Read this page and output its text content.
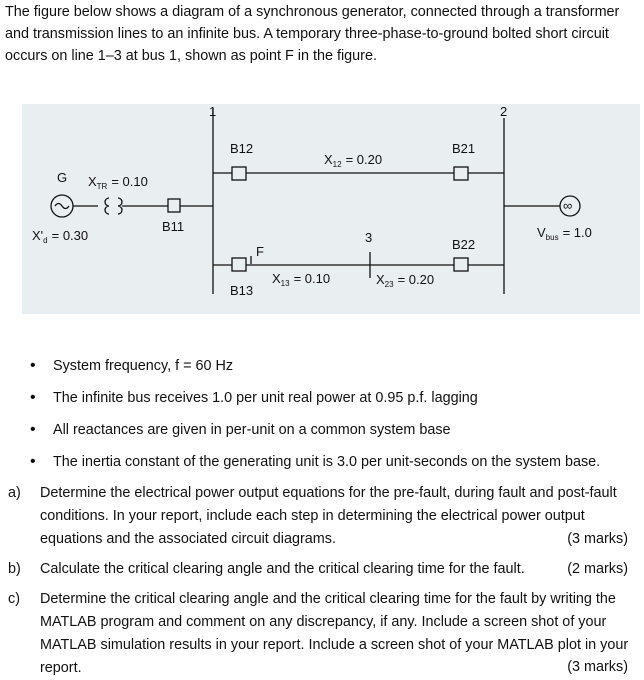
The figure below shows a diagram of a synchronous generator, connected through a transformer and transmission lines to an infinite bus. A temporary three-phase-to-ground bolted short circuit occurs on line 1–3 at bus 1, shown as point F in the figure.

1	2
G $X_{TR} = 0.10$
$X'_d = 0.30$
B11
B12	B21
$X_{12} = 0.20$
3	B22
F
B13
$X_{13} = 0.10$	$X_{23} = 0.20$
∞
$V_{bus} = 1.0$
• System frequency, f = 60 Hz
• The infinite bus receives 1.0 per unit real power at 0.95 p.f. lagging
• All reactances are given in per-unit on a common system base
• The inertia constant of the generating unit is 3.0 per unit-seconds on the system base.
a)	Determine the electrical power output equations for the pre-fault, during fault and post-fault conditions. In your report, include each step in determining the electrical power output equations and the associated circuit diagrams.	(3 marks)
b)	Calculate the critical clearing angle and the critical clearing time for the fault.	(2 marks)
c)	Determine the critical clearing angle and the critical clearing time for the fault by writing the MATLAB program and comment on any discrepancy, if any. Include a screen shot of your MATLAB simulation results in your report. Include a screen shot of your MATLAB plot in your report.	(3 marks)
